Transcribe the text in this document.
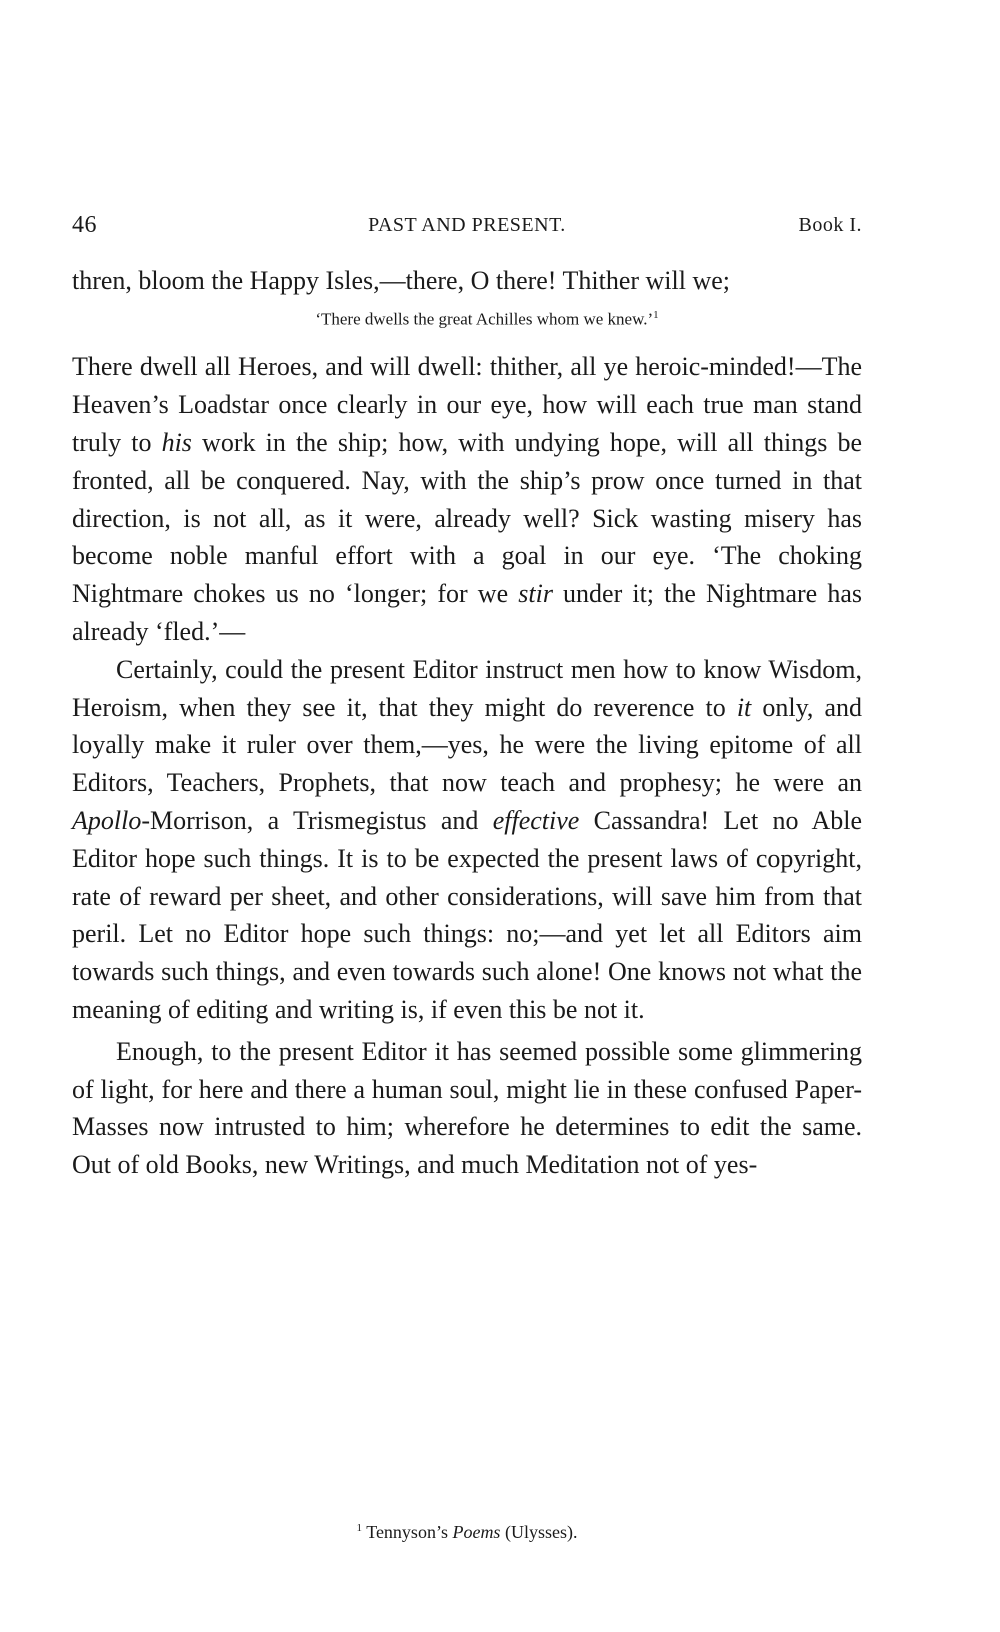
46	PAST AND PRESENT.	Book I.

thren, bloom the Happy Isles,—there, O there! Thither will we;

‘There dwells the great Achilles whom we knew.’$^1$

There dwell all Heroes, and will dwell: thither, all ye heroic-minded!—The Heaven’s Loadstar once clearly in our eye, how will each true man stand truly to his work in the ship; how, with undying hope, will all things be fronted, all be conquered. Nay, with the ship’s prow once turned in that direction, is not all, as it were, already well? Sick wasting misery has become noble manful effort with a goal in our eye. ‘The choking Nightmare chokes us no ‘longer; for we stir under it; the Nightmare has already ‘fled.’—

Certainly, could the present Editor instruct men how to know Wisdom, Heroism, when they see it, that they might do reverence to it only, and loyally make it ruler over them,—yes, he were the living epitome of all Editors, Teachers, Prophets, that now teach and prophesy; he were an Apollo-Morrison, a Trismegistus and effective Cassandra! Let no Able Editor hope such things. It is to be expected the present laws of copyright, rate of reward per sheet, and other considerations, will save him from that peril. Let no Editor hope such things: no;—and yet let all Editors aim towards such things, and even towards such alone! One knows not what the meaning of editing and writing is, if even this be not it.

Enough, to the present Editor it has seemed possible some glimmering of light, for here and there a human soul, might lie in these confused Paper-Masses now intrusted to him; wherefore he determines to edit the same. Out of old Books, new Writings, and much Meditation not of yes-

$^1$ Tennyson’s Poems (Ulysses).
